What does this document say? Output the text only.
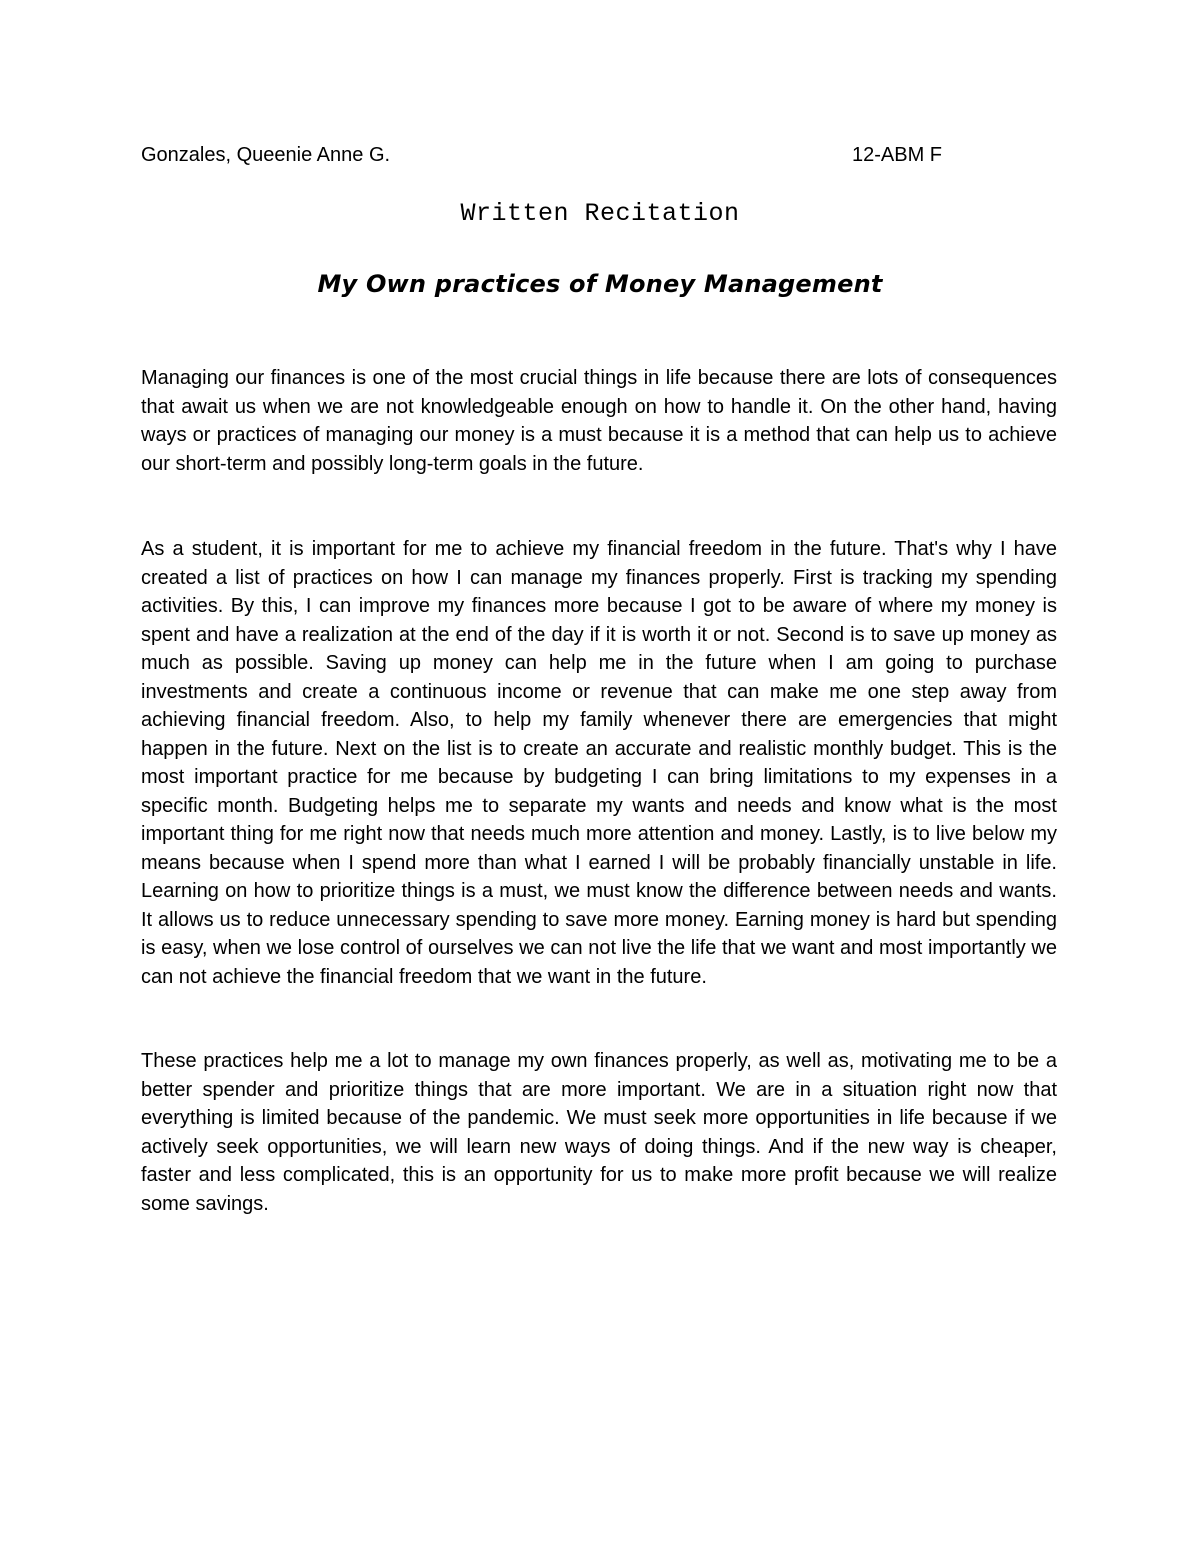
Gonzales, Queenie Anne G.	12-ABM F
Written Recitation
My Own practices of Money Management

Managing our finances is one of the most crucial things in life because there are lots of consequences that await us when we are not knowledgeable enough on how to handle it. On the other hand, having ways or practices of managing our money is a must because it is a method that can help us to achieve our short-term and possibly long-term goals in the future.

As a student, it is important for me to achieve my financial freedom in the future. That's why I have created a list of practices on how I can manage my finances properly. First is tracking my spending activities. By this, I can improve my finances more because I got to be aware of where my money is spent and have a realization at the end of the day if it is worth it or not. Second is to save up money as much as possible. Saving up money can help me in the future when I am going to purchase investments and create a continuous income or revenue that can make me one step away from achieving financial freedom. Also, to help my family whenever there are emergencies that might happen in the future. Next on the list is to create an accurate and realistic monthly budget. This is the most important practice for me because by budgeting I can bring limitations to my expenses in a specific month. Budgeting helps me to separate my wants and needs and know what is the most important thing for me right now that needs much more attention and money. Lastly, is to live below my means because when I spend more than what I earned I will be probably financially unstable in life. Learning on how to prioritize things is a must, we must know the difference between needs and wants. It allows us to reduce unnecessary spending to save more money. Earning money is hard but spending is easy, when we lose control of ourselves we can not live the life that we want and most importantly we can not achieve the financial freedom that we want in the future.

These practices help me a lot to manage my own finances properly, as well as, motivating me to be a better spender and prioritize things that are more important. We are in a situation right now that everything is limited because of the pandemic. We must seek more opportunities in life because if we actively seek opportunities, we will learn new ways of doing things. And if the new way is cheaper, faster and less complicated, this is an opportunity for us to make more profit because we will realize some savings.
